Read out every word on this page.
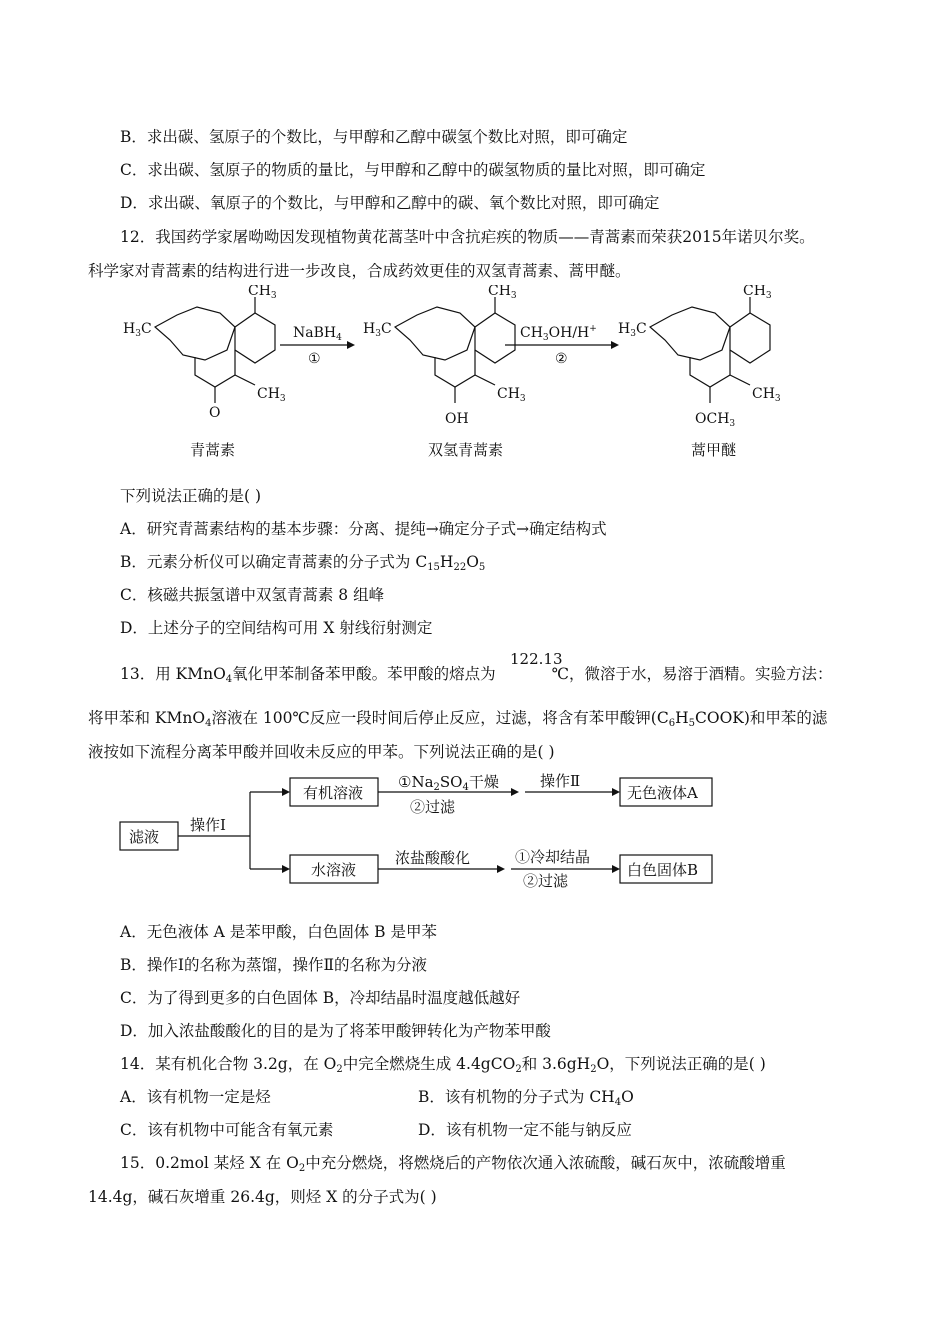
B．求出碳、氢原子的个数比，与甲醇和乙醇中碳氢个数比对照，即可确定
C．求出碳、氢原子的物质的量比，与甲醇和乙醇中的碳氢物质的量比对照，即可确定
D．求出碳、氧原子的个数比，与甲醇和乙醇中的碳、氧个数比对照，即可确定
12．我国药学家屠呦呦因发现植物黄花蒿茎叶中含抗疟疾的物质——青蒿素而荣获2015年诺贝尔奖。
科学家对青蒿素的结构进行进一步改良，合成药效更佳的双氢青蒿素、蒿甲醚。
$H_3C$
$CH_3$
$CH_3$
O
$H_3C$
$CH_3$
$CH_3$
OH
$H_3C$
$CH_3$
$CH_3$
$OCH_3$
NaBH$_4$
①
$CH_3OH/H^+$
②
青蒿素	双氢青蒿素	蒿甲醚
下列说法正确的是( )
A．研究青蒿素结构的基本步骤：分离、提纯→确定分子式→确定结构式
B．元素分析仪可以确定青蒿素的分子式为 $C_{15}H_{22}O_5$
C．核磁共振氢谱中双氢青蒿素 8 组峰
D．上述分子的空间结构可用 X 射线衍射测定
122.13
13．用 KMnO$_4$氧化甲苯制备苯甲酸。苯甲酸的熔点为	℃，微溶于水，易溶于酒精。实验方法：
将甲苯和 KMnO$_4$溶液在 100℃反应一段时间后停止反应，过滤，将含有苯甲酸钾$(C_6H_5COOK)$和甲苯的滤
液按如下流程分离苯甲酸并回收未反应的甲苯。下列说法正确的是( )
滤液
操作Ⅰ
有机溶液
$①Na_2SO_4$干燥
②过滤
操作Ⅱ
无色液体A
水溶液
浓盐酸酸化	①冷却结晶
②过滤
白色固体B
A．无色液体 A 是苯甲酸，白色固体 B 是甲苯
B．操作Ⅰ的名称为蒸馏，操作Ⅱ的名称为分液
C．为了得到更多的白色固体 B，冷却结晶时温度越低越好
D．加入浓盐酸酸化的目的是为了将苯甲酸钾转化为产物苯甲酸
14．某有机化合物 3.2g，在 $O_2$中完全燃烧生成 4.4gCO$_2$和 $3.6gH_2O$，下列说法正确的是( )
A．该有机物一定是烃	B．该有机物的分子式为 $CH_4O$
C．该有机物中可能含有氧元素	D．该有机物一定不能与钠反应
15．0.2mol 某烃 X 在 $O_2$中充分燃烧，将燃烧后的产物依次通入浓硫酸，碱石灰中，浓硫酸增重
14.4g，碱石灰增重 26.4g，则烃 X 的分子式为( )
